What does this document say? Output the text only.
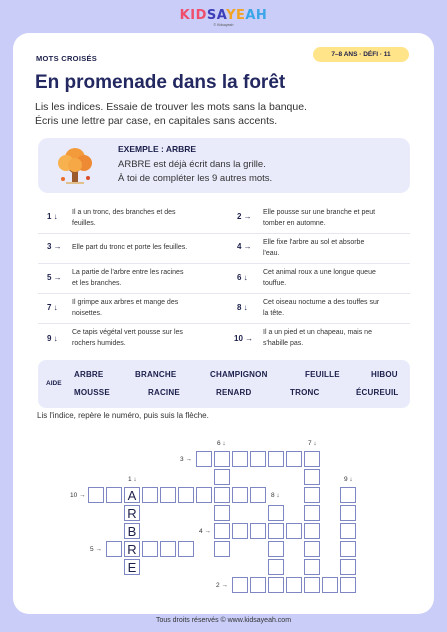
KIDSAYEAH
© Kidsayeah
MOTS CROISÉS	7–8 ANS · DÉFI · 11
En promenade dans la forêt
Lis les indices. Essaie de trouver les mots sans la banque.
Écris une lettre par case, en capitales sans accents.
EXEMPLE : ARBRE
ARBRE est déjà écrit dans la grille.
À toi de compléter les 9 autres mots.
1 ↓ Il a un tronc, des branches et des
feuilles.
2 → Elle pousse sur une branche et peut
tomber en automne.
3 → Elle part du tronc et porte les feuilles.	4 → Elle fixe l'arbre au sol et absorbe
l'eau.
5 →
La partie de l'arbre entre les racines
et les branches.
6 ↓
Cet animal roux a une longue queue
touffue.
7 ↓
Il grimpe aux arbres et mange des
noisettes.
8 ↓
Cet oiseau nocturne a des touffes sur
la tête.
9 ↓
Ce tapis végétal vert pousse sur les
rochers humides.	10 →
Il a un pied et un chapeau, mais ne
s'habille pas.
AIDE
ARBRE	BRANCHE	CHAMPIGNON	FEUILLE	HIBOU
MOUSSE	RACINE	RENARD	TRONC	ÉCUREUIL
Lis l'indice, repère le numéro, puis suis la flèche.
6 ↓	7 ↓
3 →
1 ↓	9 ↓
10 →	8 ↓
4 →
5 →
2 →
A
R
B
R
E
Tous droits réservés © www.kidsayeah.com
